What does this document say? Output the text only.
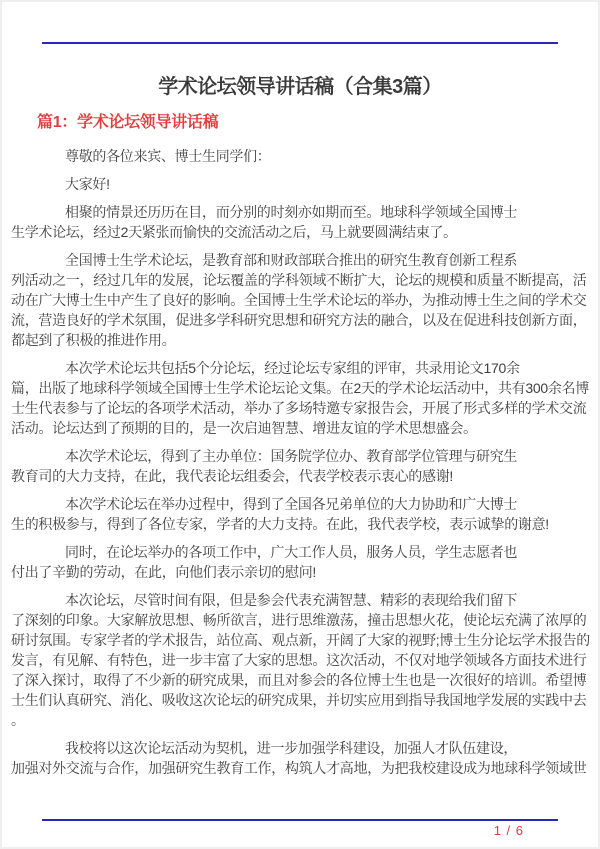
学术论坛领导讲话稿（合集3篇）
篇1：学术论坛领导讲话稿
尊敬的各位来宾、博士生同学们：
大家好!
相聚的情景还历历在目，而分别的时刻亦如期而至。地球科学领域全国博士
生学术论坛，经过2天紧张而愉快的交流活动之后，马上就要圆满结束了。
全国博士生学术论坛，是教育部和财政部联合推出的研究生教育创新工程系
列活动之一，经过几年的发展，论坛覆盖的学科领域不断扩大，论坛的规模和质量不断提高，活
动在广大博士生中产生了良好的影响。全国博士生学术论坛的举办，为推动博士生之间的学术交
流，营造良好的学术氛围，促进多学科研究思想和研究方法的融合，以及在促进科技创新方面，
都起到了积极的推进作用。
本次学术论坛共包括5个分论坛，经过论坛专家组的评审，共录用论文170余
篇，出版了地球科学领域全国博士生学术论坛论文集。在2天的学术论坛活动中，共有300余名博
士生代表参与了论坛的各项学术活动，举办了多场特邀专家报告会，开展了形式多样的学术交流
活动。论坛达到了预期的目的，是一次启迪智慧、增进友谊的学术思想盛会。
本次学术论坛，得到了主办单位：国务院学位办、教育部学位管理与研究生
教育司的大力支持，在此，我代表论坛组委会，代表学校表示衷心的感谢!
本次学术论坛在举办过程中，得到了全国各兄弟单位的大力协助和广大博士
生的积极参与，得到了各位专家，学者的大力支持。在此，我代表学校，表示诚挚的谢意!
同时，在论坛举办的各项工作中，广大工作人员，服务人员，学生志愿者也
付出了辛勤的劳动，在此，向他们表示亲切的慰问!
本次论坛，尽管时间有限，但是参会代表充满智慧、精彩的表现给我们留下
了深刻的印象。大家解放思想、畅所欲言，进行思维激荡，撞击思想火花，使论坛充满了浓厚的
研讨氛围。专家学者的学术报告，站位高、观点新，开阔了大家的视野;博士生分论坛学术报告的
发言，有见解、有特色，进一步丰富了大家的思想。这次活动，不仅对地学领域各方面技术进行
了深入探讨，取得了不少新的研究成果，而且对参会的各位博士生也是一次很好的培训。希望博
士生们认真研究、消化、吸收这次论坛的研究成果，并切实应用到指导我国地学发展的实践中去
。
我校将以这次论坛活动为契机，进一步加强学科建设，加强人才队伍建设，
加强对外交流与合作，加强研究生教育工作，构筑人才高地，为把我校建设成为地球科学领域世
1 / 6
